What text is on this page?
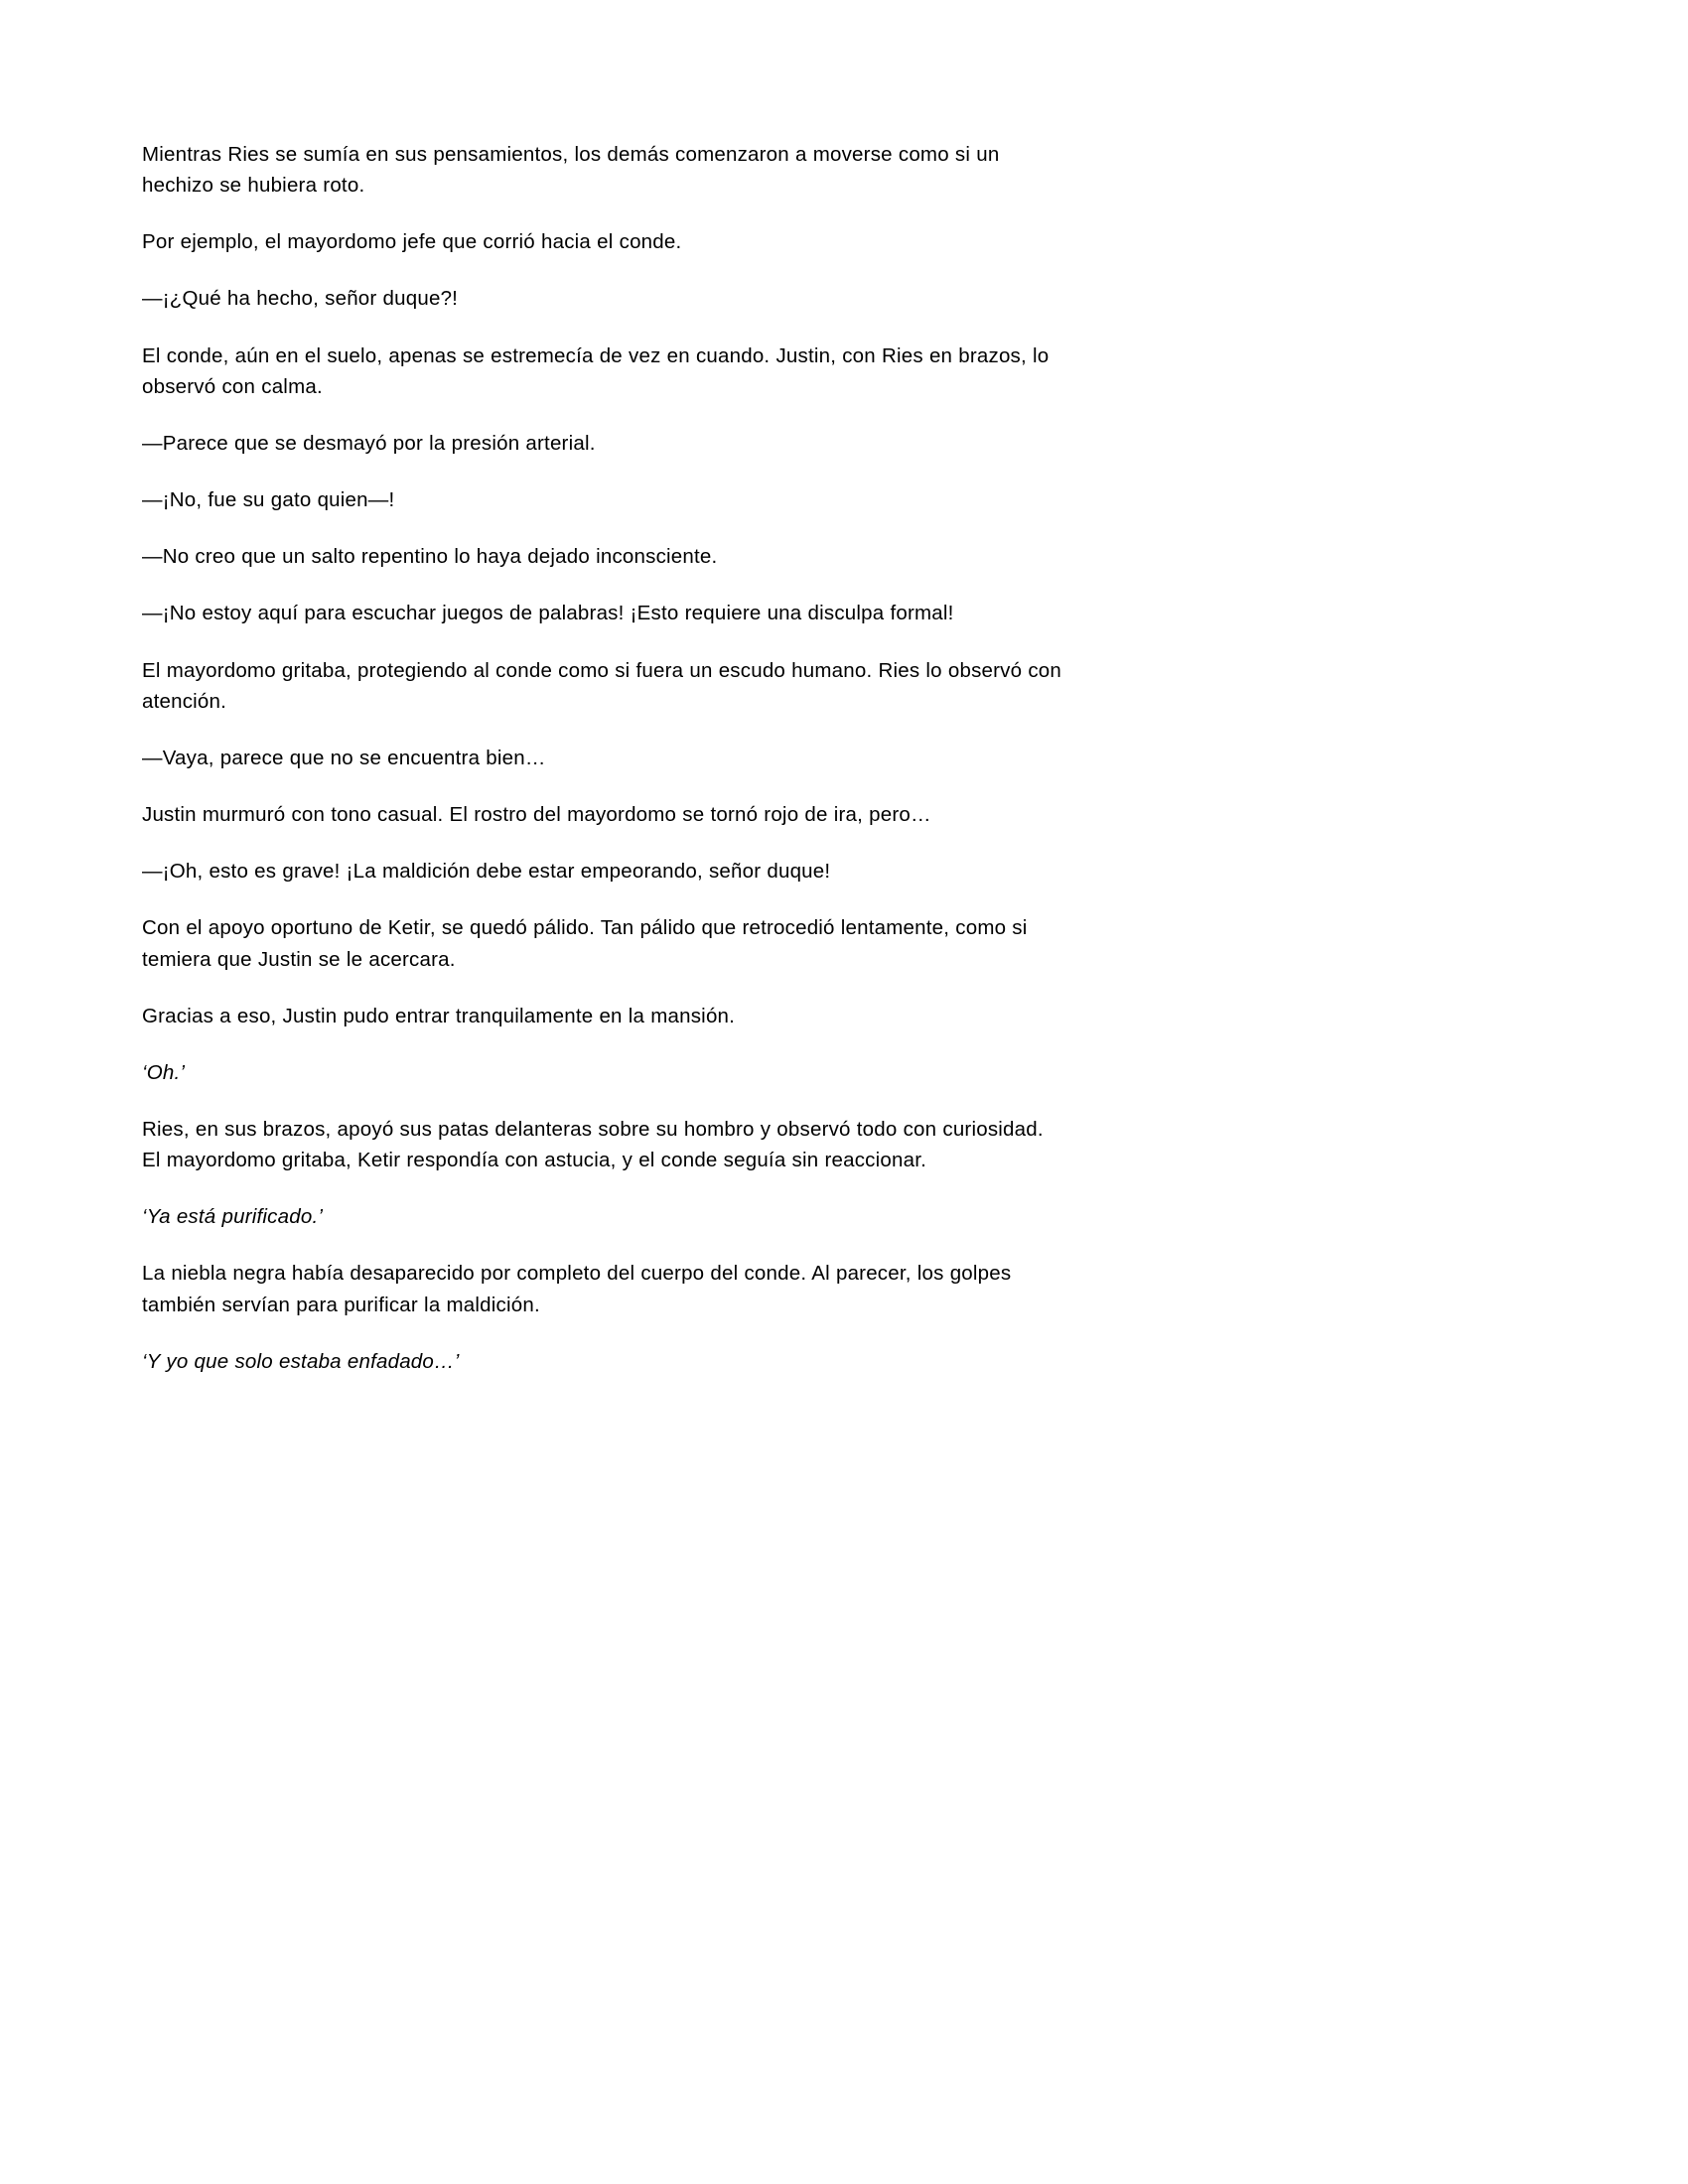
Mientras Ries se sumía en sus pensamientos, los demás comenzaron a moverse como si un hechizo se hubiera roto.

Por ejemplo, el mayordomo jefe que corrió hacia el conde.

—¡¿Qué ha hecho, señor duque?!

El conde, aún en el suelo, apenas se estremecía de vez en cuando. Justin, con Ries en brazos, lo observó con calma.

—Parece que se desmayó por la presión arterial.

—¡No, fue su gato quien—!

—No creo que un salto repentino lo haya dejado inconsciente.

—¡No estoy aquí para escuchar juegos de palabras! ¡Esto requiere una disculpa formal!

El mayordomo gritaba, protegiendo al conde como si fuera un escudo humano. Ries lo observó con atención.

—Vaya, parece que no se encuentra bien…

Justin murmuró con tono casual. El rostro del mayordomo se tornó rojo de ira, pero…

—¡Oh, esto es grave! ¡La maldición debe estar empeorando, señor duque!

Con el apoyo oportuno de Ketir, se quedó pálido. Tan pálido que retrocedió lentamente, como si temiera que Justin se le acercara.

Gracias a eso, Justin pudo entrar tranquilamente en la mansión.

‘Oh.’

Ries, en sus brazos, apoyó sus patas delanteras sobre su hombro y observó todo con curiosidad. El mayordomo gritaba, Ketir respondía con astucia, y el conde seguía sin reaccionar.

‘Ya está purificado.’

La niebla negra había desaparecido por completo del cuerpo del conde. Al parecer, los golpes también servían para purificar la maldición.

‘Y yo que solo estaba enfadado…’
